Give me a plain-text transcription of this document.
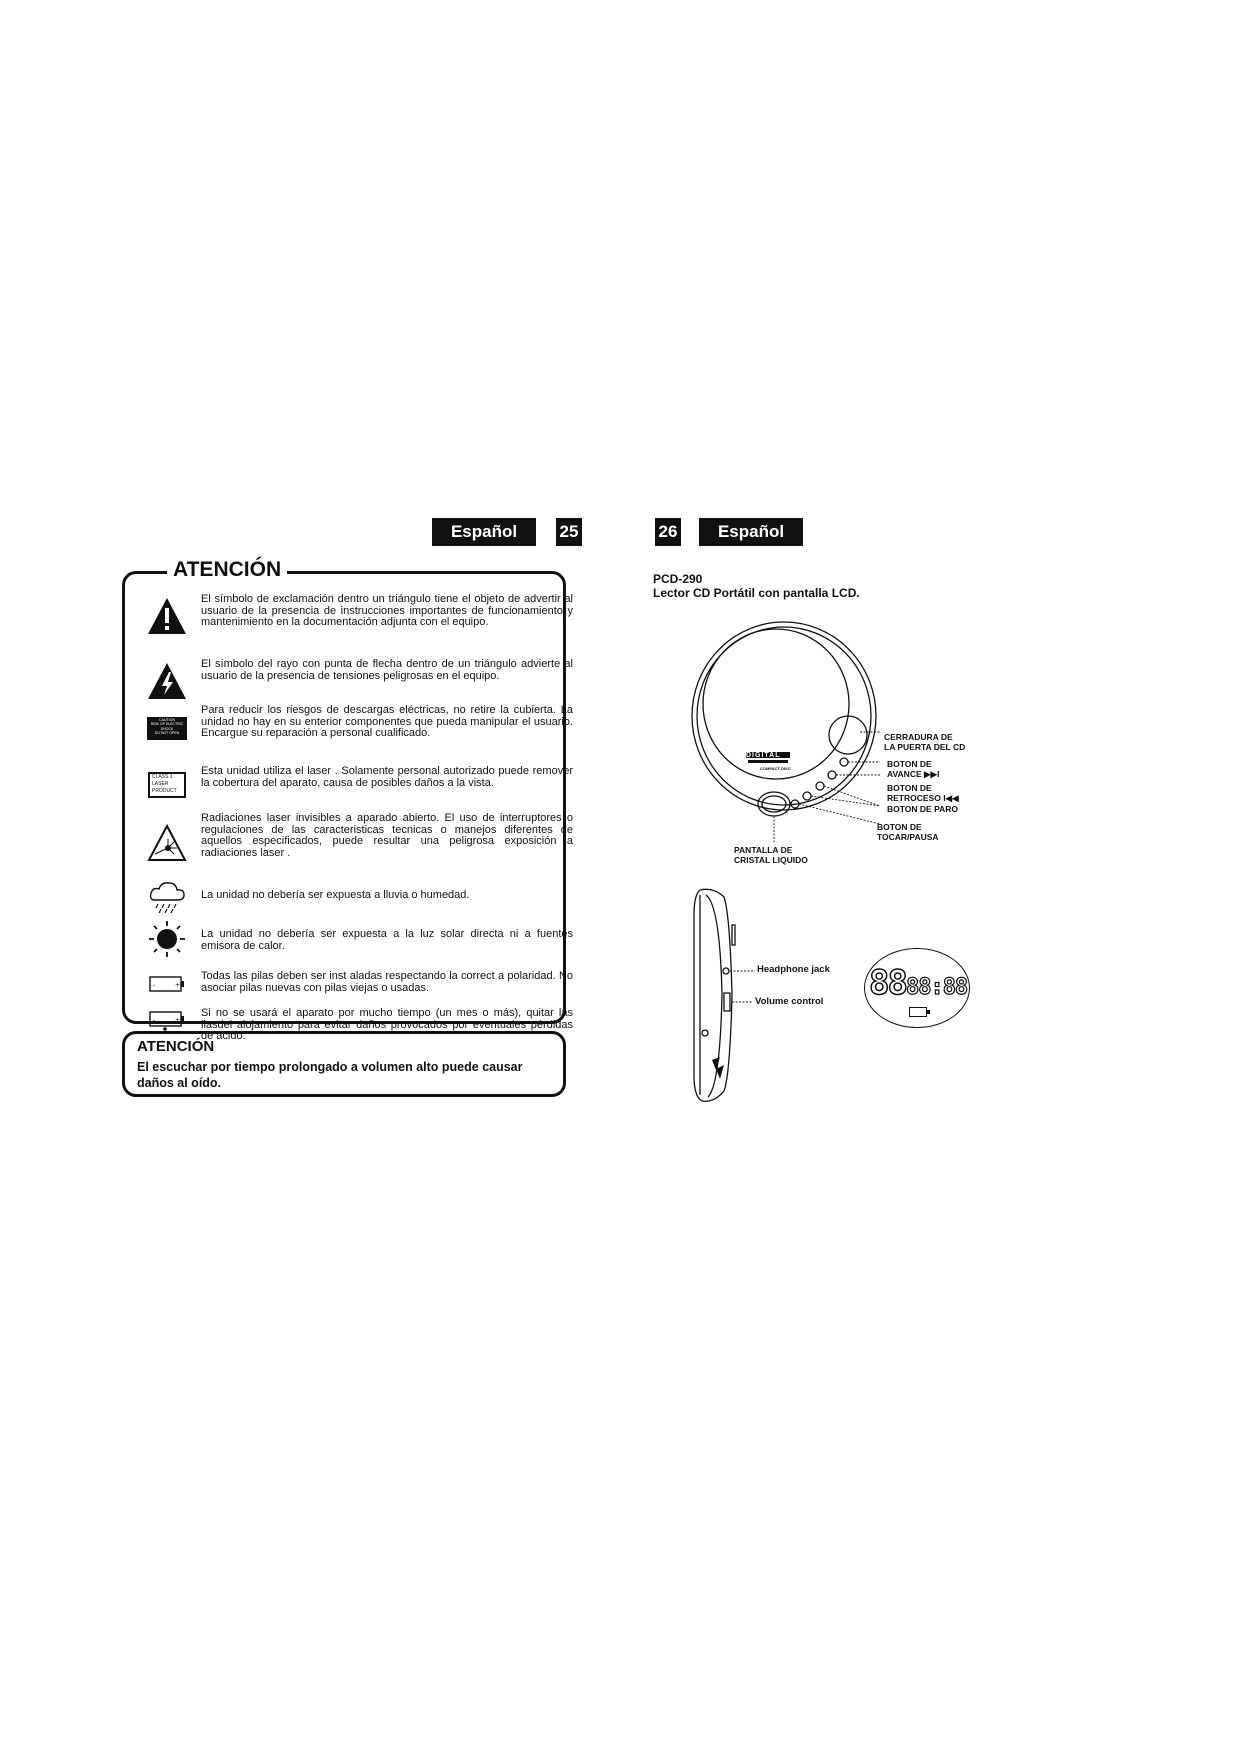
Español	25
ATENCIÓN
El símbolo de exclamación dentro un triángulo tiene el objeto de advertir al usuario de la presencia de instrucciones importantes de funcionamiento y mantenimiento en la documentación adjunta con el equipo.
El símbolo del rayo con punta de flecha dentro de un triángulo advierte al usuario de la presencia de tensiones peligrosas en el equipo.
CAUTION
RISK OF ELECTRIC
SHOCK
DO NOT OPEN
Para reducir los riesgos de descargas eléctricas, no retire la cubierta. La unidad no hay en su enterior componentes que pueda manipular el usuario. Encargue su reparación a personal cualificado.
CLASS 1
LASER PRODUCT
Esta unidad utiliza el laser . Solamente personal autorizado puede remover la cobertura del aparato, causa de posibles daños a la vista.
Radiaciones laser invisibles a aparado abierto. El uso de interruptores o regulaciones de las caracteristicas tecnicas o manejos diferentes de aquellos especificados, puede resultar una peligrosa exposición a radiaciones laser .
La unidad no debería ser expuesta a lluvia o humedad.
La unidad no debería ser expuesta a la luz solar directa ni a fuentes emisora de calor.
-	+
Todas las pilas deben ser inst aladas respectando la correct a polaridad. No asociar pilas nuevas con pilas viejas o usadas.
-	+
Si no se usará el aparato por mucho tiempo (un mes o más), quitar las ilasdel alojamiento para evitar daños provocados por eventuales pérdidas de ácido.
ATENCIÓN
El escuchar por tiempo prolongado a volumen alto puede causar daños al oído.
26	Español
PCD-290
Lector CD Portátil con pantalla LCD.
DIGITAL
COMPACT DISC
CERRADURA DE
LA PUERTA DEL CD
BOTON DE
AVANCE ▶▶I
BOTON DE
RETROCESO I◀◀
BOTON DE PARO
BOTON DE
TOCAR/PAUSA
PANTALLA DE
CRISTAL LIQUIDO
Headphone jack
Volume control 8888:88
